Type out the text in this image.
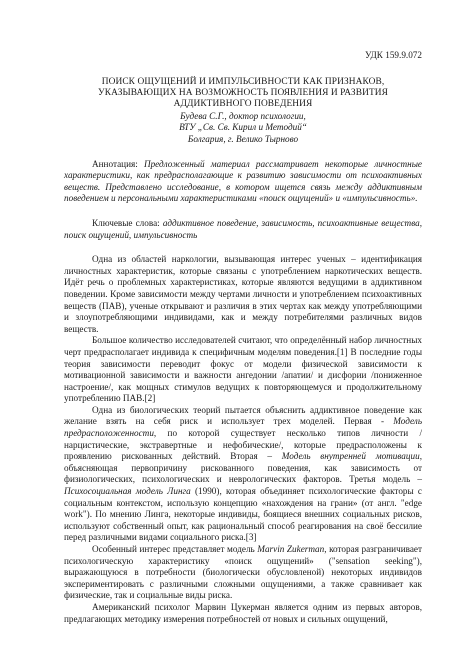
УДК 159.9.072
ПОИСК ОЩУЩЕНИЙ И ИМПУЛЬСИВНОСТИ КАК ПРИЗНАКОВ,
УКАЗЫВАЮЩИХ НА ВОЗМОЖНОСТЬ ПОЯВЛЕНИЯ И РАЗВИТИЯ
АДДИКТИВНОГО ПОВЕДЕНИЯ
Будева С.Г., доктор психологии,
ВТУ „Св. Св. Кирил и Методий“
Болгария, г. Велико Тырново

Аннотация: Предложенный материал рассматривает некоторые личностные характеристики, как предрасполагающие к развитию зависимости от психоактивных веществ. Представлено исследование, в котором ищется связь между аддиктивным поведением и персональными характеристиками «поиск ощущений» и «импульсивность».

Ключевые слова: аддиктивное поведение, зависимость, психоактивные вещества, поиск ощущений, импульсивность

Одна из областей наркологии, вызывающая интерес ученых – идентификация личностных характеристик, которые связаны с употреблением наркотических веществ. Идёт речь о проблемных характеристиках, которые являются ведущими в аддиктивном поведении. Кроме зависимости между чертами личности и употреблением психоактивных веществ (ПАВ), ученые открывают и различия в этих чертах как между употребляющими и злоупотребляющими индивидами, как и между потребителями различных видов веществ.

Большое количество исследователей считают, что определённый набор личностных черт предрасполагает индивида к специфичным моделям поведения.[1] В последние годы теория зависимости переводит фокус от модели физической зависимости к мотивационной зависимости и важности ангедонии /апатии/ и дисфории /пониженное настроение/, как мощных стимулов ведущих к повторяющемуся и продолжительному употреблению ПАВ.[2]

Одна из биологических теорий пытается объяснить аддиктивное поведение как желание взять на себя риск и использует трех моделей. Первая - Модель предрасположенности, по которой существует несколько типов личности /нарцистические, экстравертные и нефобические/, которые предрасположены к проявлению рискованных действий. Вторая – Модель внутренней мотивации, объясняющая первопричину рискованного поведения, как зависимость от физиологических, психологических и неврологических факторов. Третья модель – Психосоциальная модель Линга (1990), которая объединяет психологические факторы с социальным контекстом, использую концепцию «нахождения на грани» (от англ. "edge work"). По мнению Линга, некоторые индивиды, боящиеся внешних социальных рисков, используют собственный опыт, как рациональный способ реагирования на своё бессилие перед различными видами социального риска.[3]

Особенный интерес представляет модель Marvin Zukerman, которая разграничивает психологическую характеристику «поиск ощущений» ("sensation seeking"), выражающуюся в потребности (биологически обусловленой) некоторых индивидов экспериментировать с различными сложными ощущениями, а также сравнивает как физические, так и социальные виды риска.

Американский психолог Марвин Цукерман является одним из первых авторов, предлагающих методику измерения потребностей от новых и сильных ощущений,
